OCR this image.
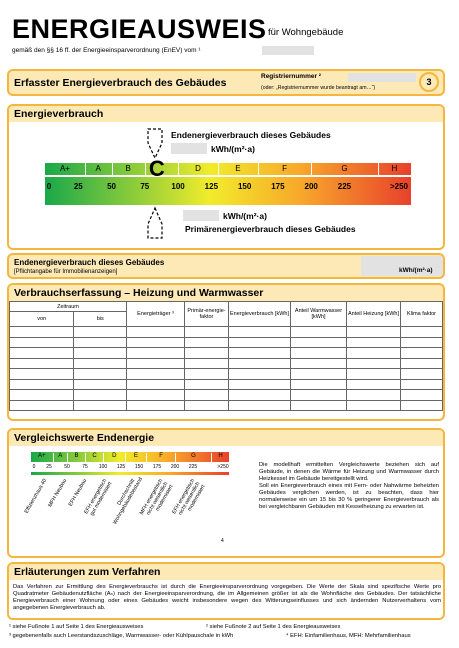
ENERGIEAUSWEIS für Wohngebäude
gemäß den §§ 16 ff. der Energieeinsparverordnung (EnEV) vom ¹
Erfasster Energieverbrauch des Gebäudes
Registriernummer ²
(oder: „Registriernummer wurde beantragt am…“)
3
Energieverbrauch
Endenergieverbrauch dieses Gebäudes
kWh/(m²·a)
A+	A	B	D	E	F	G	H
C
0	25	50	75	100 125 150 175 200 225	>250
kWh/(m²·a)
Primärenergieverbrauch dieses Gebäudes
Endenergieverbrauch dieses Gebäudes
[Pflichtangabe für Immobilienanzeigen]	kWh/(m²·a)
Verbrauchserfassung – Heizung und Warmwasser
Zeitraum		Energieträger ³	Primär-energie-faktor	Energieverbrauch [kWh]	Anteil Warmwasser [kWh]	Anteil Heizung [kWh]	Klima faktor
von	bis						

Vergleichswerte Endenergie
A+	A	B	C	D	E	F	G	H
0 25 50 75 100 125 150 175 200 225	>250
Effizienzhaus 40 MFH Neubau EFH Neubau
EFH energetisch gut modernisiert Durchschnitt Wohngebäudebestand
MFH energetisch nicht wesentlich modernisiert
EFH energetisch nicht wesentlich modernisiert
4
Die modellhaft ermittelten Vergleichswerte beziehen sich auf Gebäude, in denen die Wärme für Heizung und Warmwasser durch Heizkessel im Gebäude bereitgestellt wird.
Soll ein Energieverbrauch eines mit Fern- oder Nahwärme beheizten Gebäudes verglichen werden, ist zu beachten, dass hier normalerweise ein um 15 bis 30 % geringerer Energieverbrauch als bei vergleichbaren Gebäuden mit Kesselheizung zu erwarten ist.
Erläuterungen zum Verfahren
Das Verfahren zur Ermittlung des Energieverbrauchs ist durch die Energieeinsparverordnung vorgegeben. Die Werte der Skala sind spezifische Werte pro Quadratmeter Gebäudenutzfläche (Aₙ) nach der Energieeinsparverordnung, die im Allgemeinen größer ist als die Wohnfläche des Gebäudes. Der tatsächliche Energieverbrauch einer Wohnung oder eines Gebäudes weicht insbesondere wegen des Witterungseinflusses und sich ändernden Nutzerverhaltens vom angegebenen Energieverbrauch ab.
¹ siehe Fußnote 1 auf Seite 1 des Energieausweises	² siehe Fußnote 2 auf Seite 1 des Energieausweises
³ gegebenenfalls auch Leerstandszuschläge, Warmwasser- oder Kühlpauschale in kWh	⁴ EFH: Einfamilienhaus, MFH: Mehrfamilienhaus
